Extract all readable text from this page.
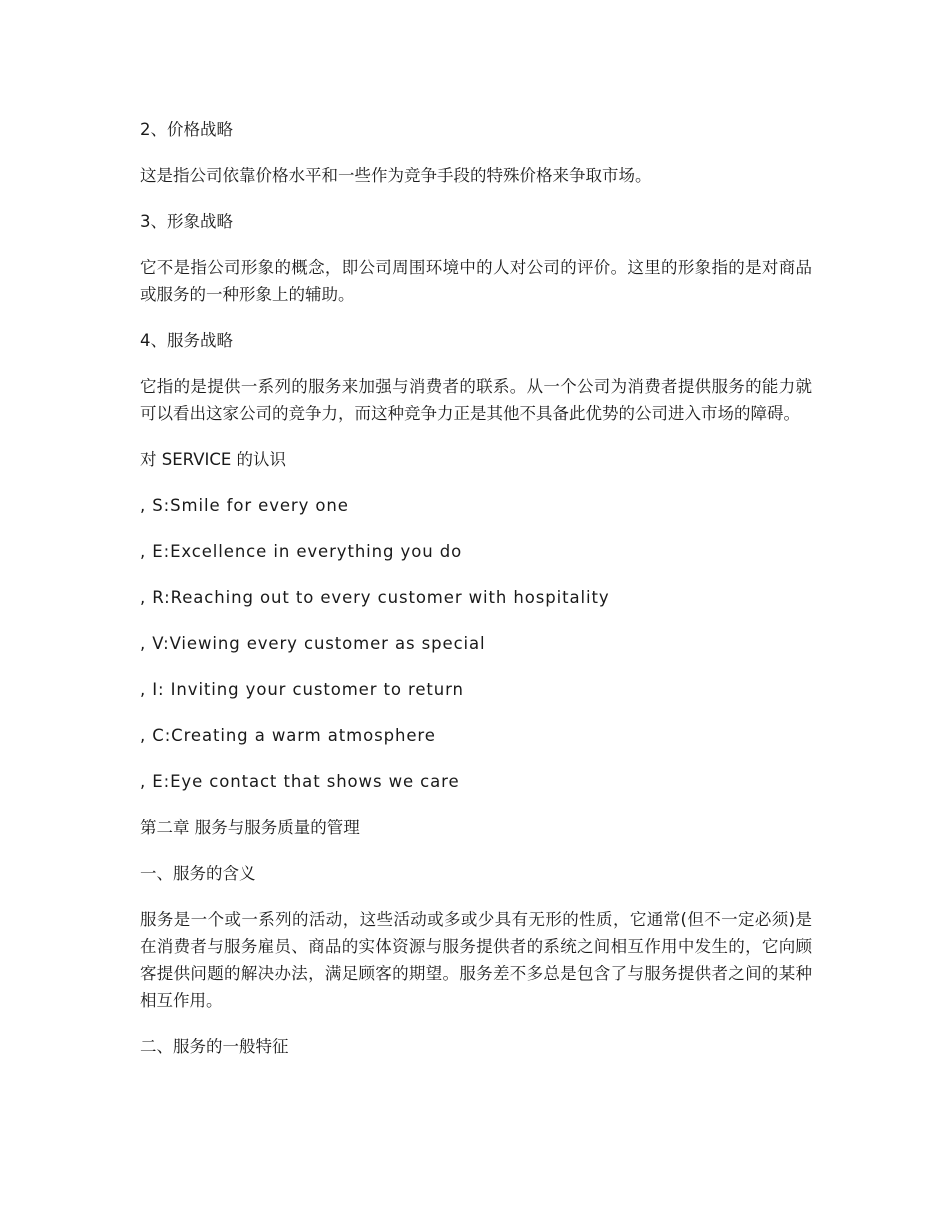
2、价格战略

这是指公司依靠价格水平和一些作为竞争手段的特殊价格来争取市场。

3、形象战略

它不是指公司形象的概念，即公司周围环境中的人对公司的评价。这里的形象指的是对商品或服务的一种形象上的辅助。

4、服务战略

它指的是提供一系列的服务来加强与消费者的联系。从一个公司为消费者提供服务的能力就可以看出这家公司的竞争力，而这种竞争力正是其他不具备此优势的公司进入市场的障碍。

对 SERVICE 的认识

, S:Smile for every one

, E:Excellence in everything you do

, R:Reaching out to every customer with hospitality

, V:Viewing every customer as special

, I: Inviting your customer to return

, C:Creating a warm atmosphere

, E:Eye contact that shows we care

第二章 服务与服务质量的管理

一、服务的含义

服务是一个或一系列的活动，这些活动或多或少具有无形的性质，它通常(但不一定必须)是在消费者与服务雇员、商品的实体资源与服务提供者的系统之间相互作用中发生的，它向顾客提供问题的解决办法，满足顾客的期望。服务差不多总是包含了与服务提供者之间的某种相互作用。

二、服务的一般特征
